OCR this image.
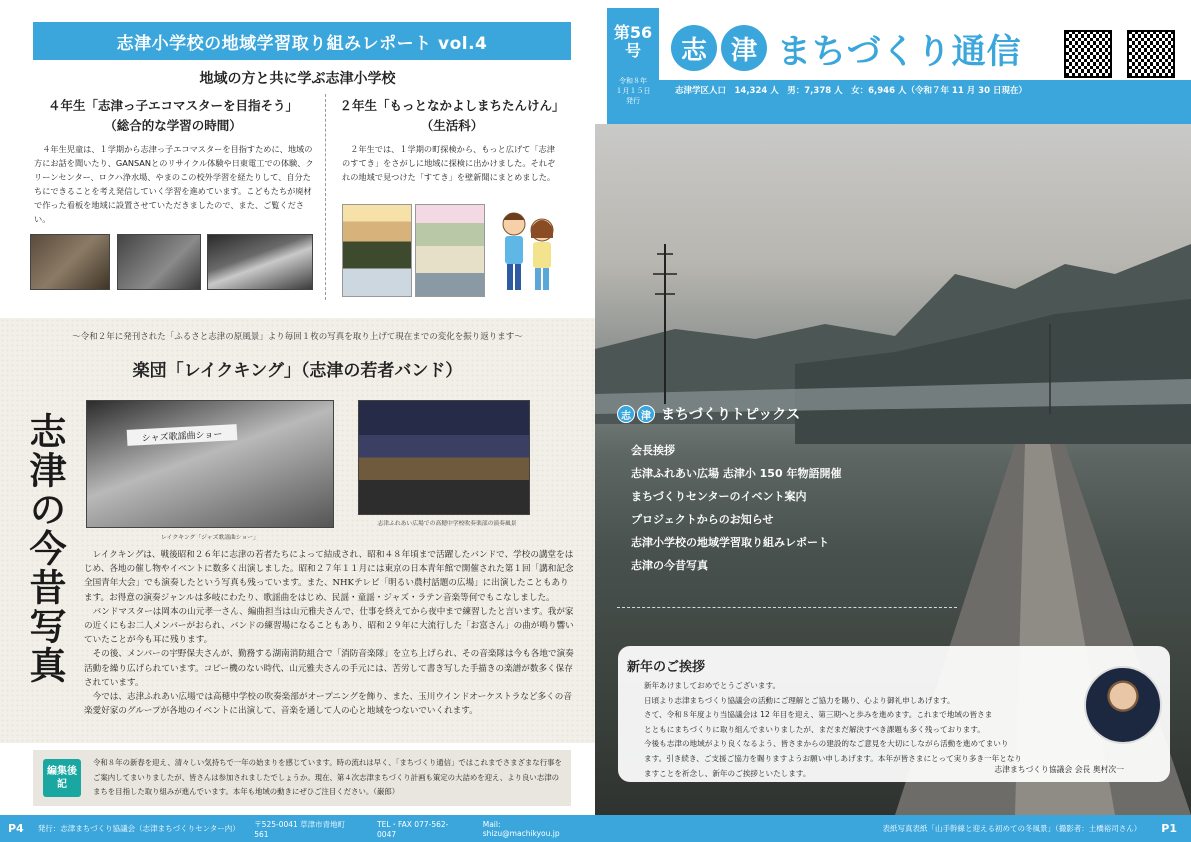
志津小学校の地域学習取り組みレポート vol.4
地域の方と共に学ぶ志津小学校
４年生「志津っ子エコマスターを目指そう」
（総合的な学習の時間）
４年生児童は、１学期から志津っ子エコマスターを目指すために、地域の方にお話を聞いたり、GANSANとのリサイクル体験や日東電工での体験、クリーンセンター、ロクハ浄水場、やまのこの校外学習を経たりして、自分たちにできることを考え発信していく学習を進めています。こどもたちが廃材で作った看板を地域に設置させていただきましたので、また、ご覧ください。
２年生「もっとなかよしまちたんけん」
（生活科）
２年生では、１学期の町探検から、もっと広げて「志津のすてき」をさがしに地域に探検に出かけました。それぞれの地域で見つけた「すてき」を壁新聞にまとめました。
～令和２年に発刊された「ふるさと志津の原風景」より毎回１枚の写真を取り上げて現在までの変化を振り返ります～
楽団「レイクキング」（志津の若者バンド）
志津の今昔写真	シャズ歌謡曲ショー
レイクキング「ジャズ歌謡曲ショー」
志津ふれあい広場での高穂中学校吹奏楽部の演奏風景

レイクキングは、戦後昭和２６年に志津の若者たちによって結成され、昭和４８年頃まで活躍したバンドで、学校の講堂をはじめ、各地の催し物やイベントに数多く出演しました。昭和２７年１１月には東京の日本青年館で開催された第１回「講和記念全国青年大会」でも演奏したという写真も残っています。また、NHKテレビ「明るい農村話題の広場」に出演したこともあります。お得意の演奏ジャンルは多岐にわたり、歌謡曲をはじめ、民謡・童謡・ジャズ・ラテン音楽等何でもこなしました。

バンドマスターは岡本の山元孝一さん、編曲担当は山元雅夫さんで、仕事を終えてから夜中まで練習したと言います。我が家の近くにもお二人メンバーがおられ、バンドの練習場になることもあり、昭和２９年に大流行した「お富さん」の曲が鳴り響いていたことが今も耳に残ります。

その後、メンバーの宇野保夫さんが、勤務する湖南消防組合で「消防音楽隊」を立ち上げられ、その音楽隊は今も各地で演奏活動を繰り広げられています。コピー機のない時代、山元雅夫さんの手元には、苦労して書き写した手描きの楽譜が数多く保存されています。

今では、志津ふれあい広場では高穂中学校の吹奏楽部がオープニングを飾り、また、玉川ウインドオーケストラなど多くの音楽愛好家のグループが各地のイベントに出演して、音楽を通して人の心と地域をつないでいくれます。

編集後記
令和８年の新春を迎え、清々しい気持ちで一年の始まりを感じています。時の流れは早く、「まちづくり通信」ではこれまでさまざまな行事をご案内してまいりましたが、皆さんは参加されましたでしょうか。現在、第４次志津まちづくり計画も策定の大詰めを迎え、より良い志津のまちを目指した取り組みが進んでいます。本年も地域の動きにぜひご注目ください。（巌郎）
P4 発行：志津まちづくり協議会（志津まちづくりセンター内） 〒525-0041 草津市青地町 561
TEL・FAX 077-562-0047
Mail: shizu@machikyou.jp
第56号
令和８年
１月１５日
発行
志 津 まちづくり通信
まちづくり協議会ホームページ
公式 LINE 友達追加
志津学区人口　14,324 人　男：7,378 人　女：6,946 人（令和７年 11 月 30 日現在）
志	津 まちづくりトピックス
会長挨拶
志津ふれあい広場 志津小 150 年物語開催
まちづくりセンターのイベント案内
プロジェクトからのお知らせ
志津小学校の地域学習取り組みレポート
志津の今昔写真
新年のご挨拶
新年あけましておめでとうございます。
日頃より志津まちづくり協議会の活動にご理解とご協力を賜り、心より御礼申しあげます。
さて、令和８年度より当協議会は 12 年目を迎え、第三期へと歩みを進めます。これまで地域の皆さま
とともにまちづくりに取り組んでまいりましたが、まだまだ解決すべき課題も多く残っております。
今後も志津の地域がより良くなるよう、皆さまからの建設的なご意見を大切にしながら活動を進めてまいり
ます。引き続き、ご支援ご協力を賜りますようお願い申しあげます。本年が皆さまにとって実り多き一年となり
ますことを祈念し、新年のご挨拶といたします。	志津まちづくり協議会 会長 奥村次一
表紙写真表紙「山手幹線と迎える初めての冬風景」（撮影者：土橋裕司さん） P1
